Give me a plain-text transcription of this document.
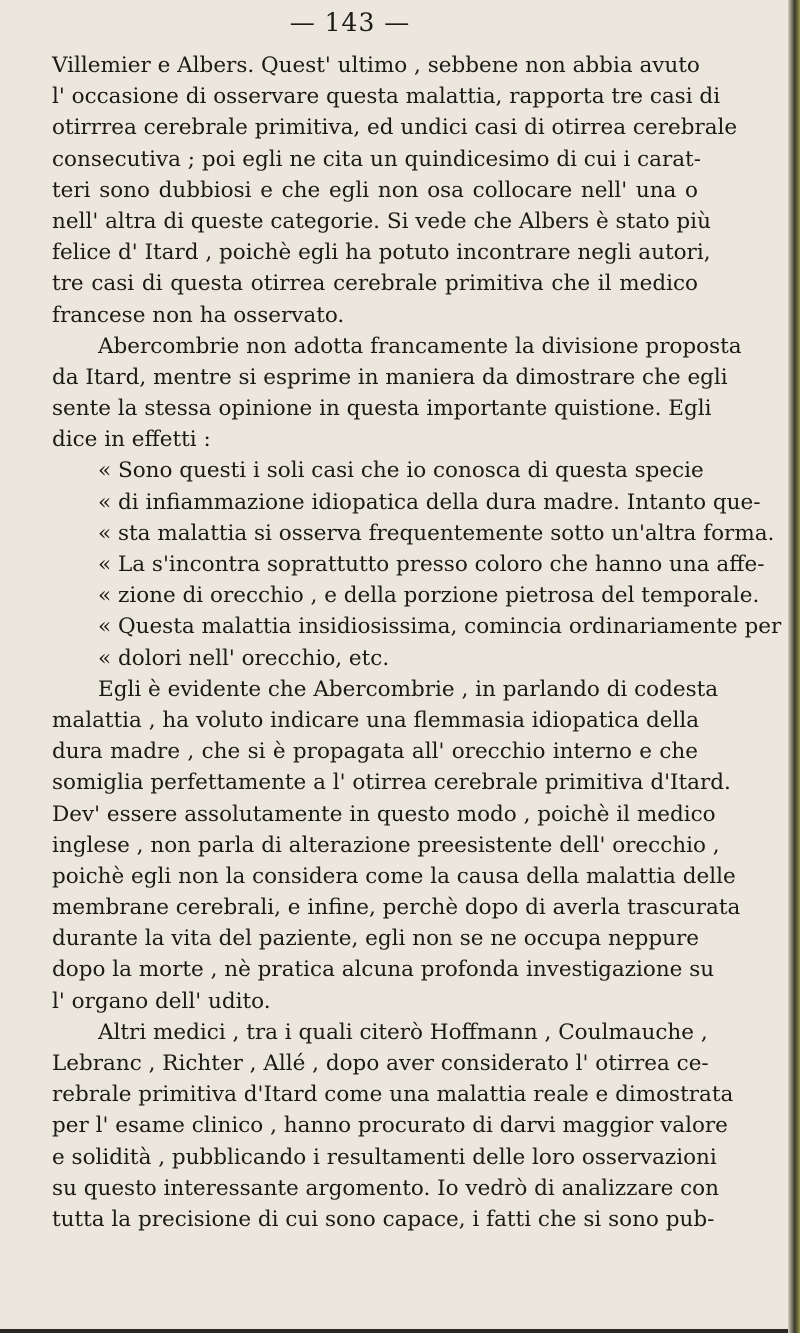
— 143 —
Villemier e Albers. Quest' ultimo , sebbene non abbia avuto
l' occasione di osservare questa malattia, rapporta tre casi di
otirrrea cerebrale primitiva, ed undici casi di otirrea cerebrale
consecutiva ; poi egli ne cita un quindicesimo di cui i carat-
teri sono dubbiosi e che egli non osa collocare nell' una o
nell' altra di queste categorie. Si vede che Albers è stato più
felice d' Itard , poichè egli ha potuto incontrare negli autori,
tre casi di questa otirrea cerebrale primitiva che il medico
francese non ha osservato.
Abercombrie non adotta francamente la divisione proposta
da Itard, mentre si esprime in maniera da dimostrare che egli
sente la stessa opinione in questa importante quistione. Egli
dice in effetti :
« Sono questi i soli casi che io conosca di questa specie
« di infiammazione idiopatica della dura madre. Intanto que-
« sta malattia si osserva frequentemente sotto un'altra forma.
« La s'incontra soprattutto presso coloro che hanno una affe-
« zione di orecchio , e della porzione pietrosa del temporale.
« Questa malattia insidiosissima, comincia ordinariamente per
« dolori nell' orecchio, etc.
Egli è evidente che Abercombrie , in parlando di codesta
malattia , ha voluto indicare una flemmasia idiopatica della
dura madre , che si è propagata all' orecchio interno e che
somiglia perfettamente a l' otirrea cerebrale primitiva d'Itard.
Dev' essere assolutamente in questo modo , poichè il medico
inglese , non parla di alterazione preesistente dell' orecchio ,
poichè egli non la considera come la causa della malattia delle
membrane cerebrali, e infine, perchè dopo di averla trascurata
durante la vita del paziente, egli non se ne occupa neppure
dopo la morte , nè pratica alcuna profonda investigazione su
l' organo dell' udito.
Altri medici , tra i quali citerò Hoffmann , Coulmauche ,
Lebranc , Richter , Allé , dopo aver considerato l' otirrea ce-
rebrale primitiva d'Itard come una malattia reale e dimostrata
per l' esame clinico , hanno procurato di darvi maggior valore
e solidità , pubblicando i resultamenti delle loro osservazioni
su questo interessante argomento. Io vedrò di analizzare con
tutta la precisione di cui sono capace, i fatti che si sono pub-
